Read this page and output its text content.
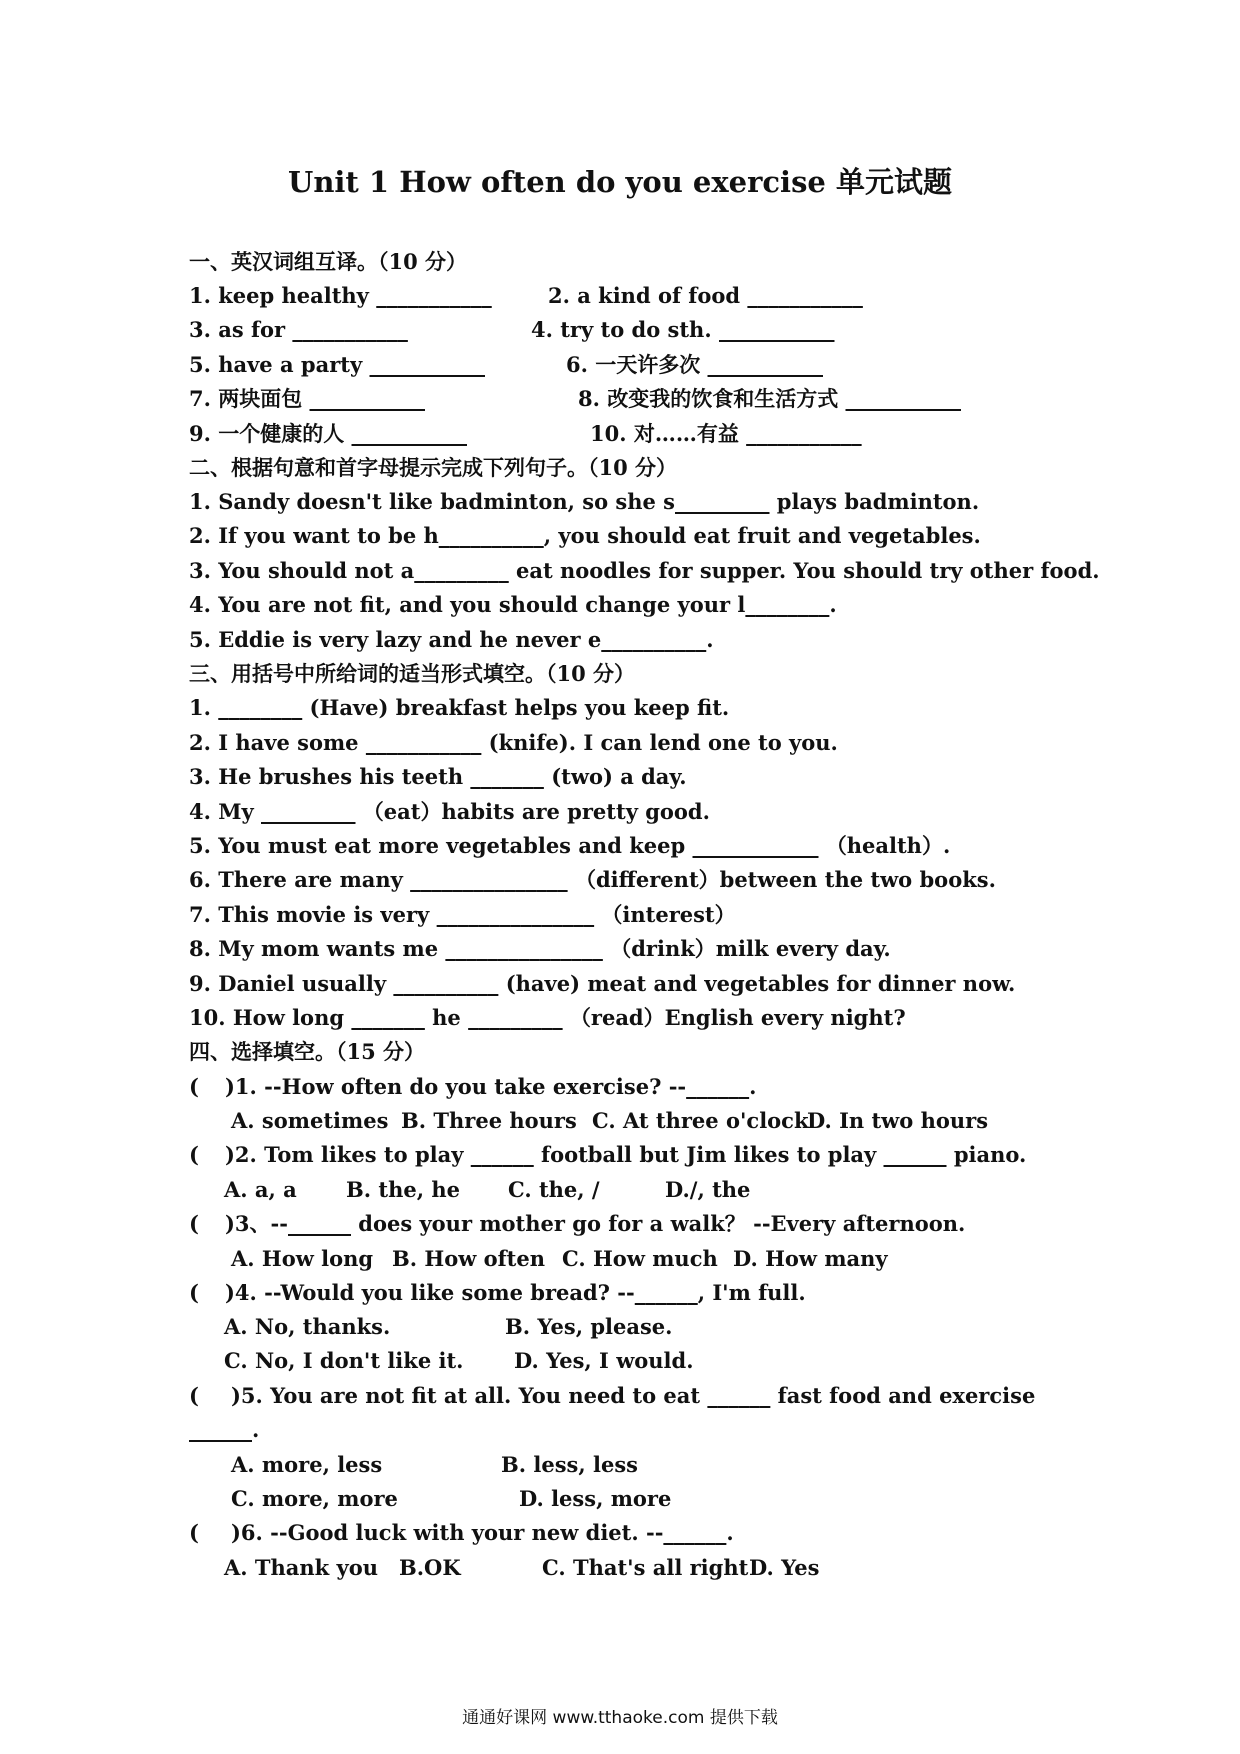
Unit 1 How often do you exercise 单元试题
一、英汉词组互译。（10 分）
1. keep healthy ___________	2. a kind of food ___________
3. as for ___________	4. try to do sth. ___________
5. have a party ___________	6. 一天许多次 ___________
7. 两块面包 ___________	8. 改变我的饮食和生活方式 ___________
9. 一个健康的人 ___________	10. 对……有益 ___________
二、根据句意和首字母提示完成下列句子。（10 分）
1. Sandy doesn't like badminton, so she s_________ plays badminton.
2. If you want to be h__________, you should eat fruit and vegetables.
3. You should not a_________ eat noodles for supper. You should try other food.
4. You are not fit, and you should change your l________.
5. Eddie is very lazy and he never e__________.
三、用括号中所给词的适当形式填空。（10 分）
1. ________ (Have) breakfast helps you keep fit.
2. I have some ___________ (knife). I can lend one to you.
3. He brushes his teeth _______ (two) a day.
4. My _________ （eat）habits are pretty good.
5. You must eat more vegetables and keep ____________ （health）.
6. There are many _______________ （different）between the two books.
7. This movie is very _______________ （interest）
8. My mom wants me _______________ （drink）milk every day.
9. Daniel usually __________ (have) meat and vegetables for dinner now.
10. How long _______ he _________ （read）English every night?
四、选择填空。（15 分）
( )1. --How often do you take exercise? --______.
A. sometimes B. Three hours C. At three o'clock
D. In two hours
( )2. Tom likes to play ______ football but Jim likes to play ______ piano.
A. a, a B. the, he C. the, /	D./, the
( )3、--______ does your mother go for a walk？ --Every afternoon.
A. How long B. How often C. How much D. How many
( )4. --Would you like some bread? --______, I'm full.
A. No, thanks.	B. Yes, please.
C. No, I don't like it. D. Yes, I would.
( )5. You are not fit at all. You need to eat ______ fast food and exercise
______.
A. more, less	B. less, less
C. more, more	D. less, more
( )6. --Good luck with your new diet. --______.
A. Thank you B.OK	C. That's all right D. Yes
通通好课网 www.tthaoke.com 提供下载
